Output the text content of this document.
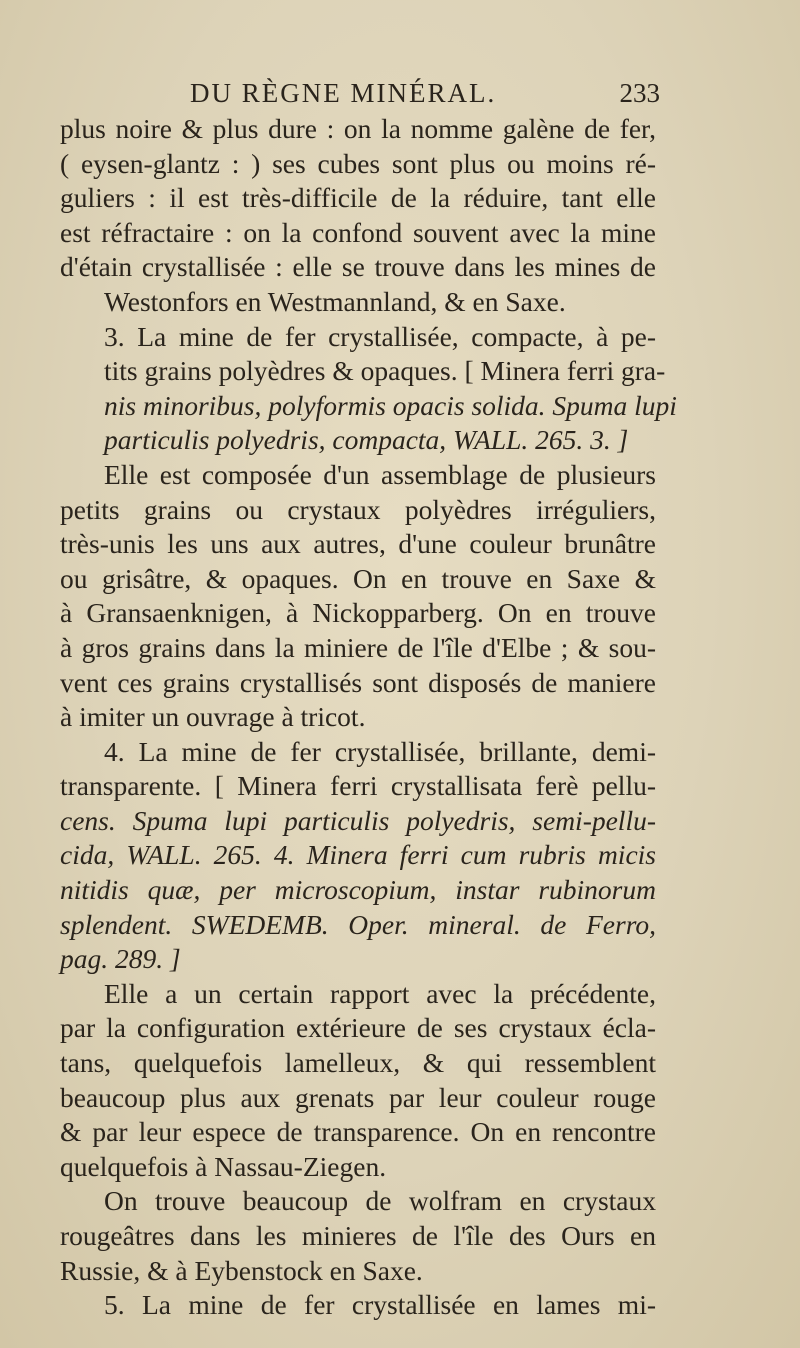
DU RÈGNE MINÉRAL.	233
plus noire & plus dure : on la nomme galène de fer,
( eysen-glantz : ) ses cubes sont plus ou moins ré-
guliers : il est très-difficile de la réduire, tant elle
est réfractaire : on la confond souvent avec la mine
d'étain crystallisée : elle se trouve dans les mines de
Westonfors en Westmannland, & en Saxe.
3. La mine de fer crystallisée, compacte, à pe-
tits grains polyèdres & opaques. [ Minera ferri gra-
nis minoribus, polyformis opacis solida. Spuma lupi
particulis polyedris, compacta, WALL. 265. 3. ]
Elle est composée d'un assemblage de plusieurs
petits grains ou crystaux polyèdres irréguliers,
très-unis les uns aux autres, d'une couleur brunâtre
ou grisâtre, & opaques. On en trouve en Saxe &
à Gransaenknigen, à Nickopparberg. On en trouve
à gros grains dans la miniere de l'île d'Elbe ; & sou-
vent ces grains crystallisés sont disposés de maniere
à imiter un ouvrage à tricot.
4. La mine de fer crystallisée, brillante, demi-
transparente. [ Minera ferri crystallisata ferè pellu-
cens. Spuma lupi particulis polyedris, semi-pellu-
cida, WALL. 265. 4. Minera ferri cum rubris micis
nitidis quæ, per microscopium, instar rubinorum
splendent. SWEDEMB. Oper. mineral. de Ferro,
pag. 289. ]
Elle a un certain rapport avec la précédente,
par la configuration extérieure de ses crystaux écla-
tans, quelquefois lamelleux, & qui ressemblent
beaucoup plus aux grenats par leur couleur rouge
& par leur espece de transparence. On en rencontre
quelquefois à Nassau-Ziegen.
On trouve beaucoup de wolfram en crystaux
rougeâtres dans les minieres de l'île des Ours en
Russie, & à Eybenstock en Saxe.
5. La mine de fer crystallisée en lames mi-
